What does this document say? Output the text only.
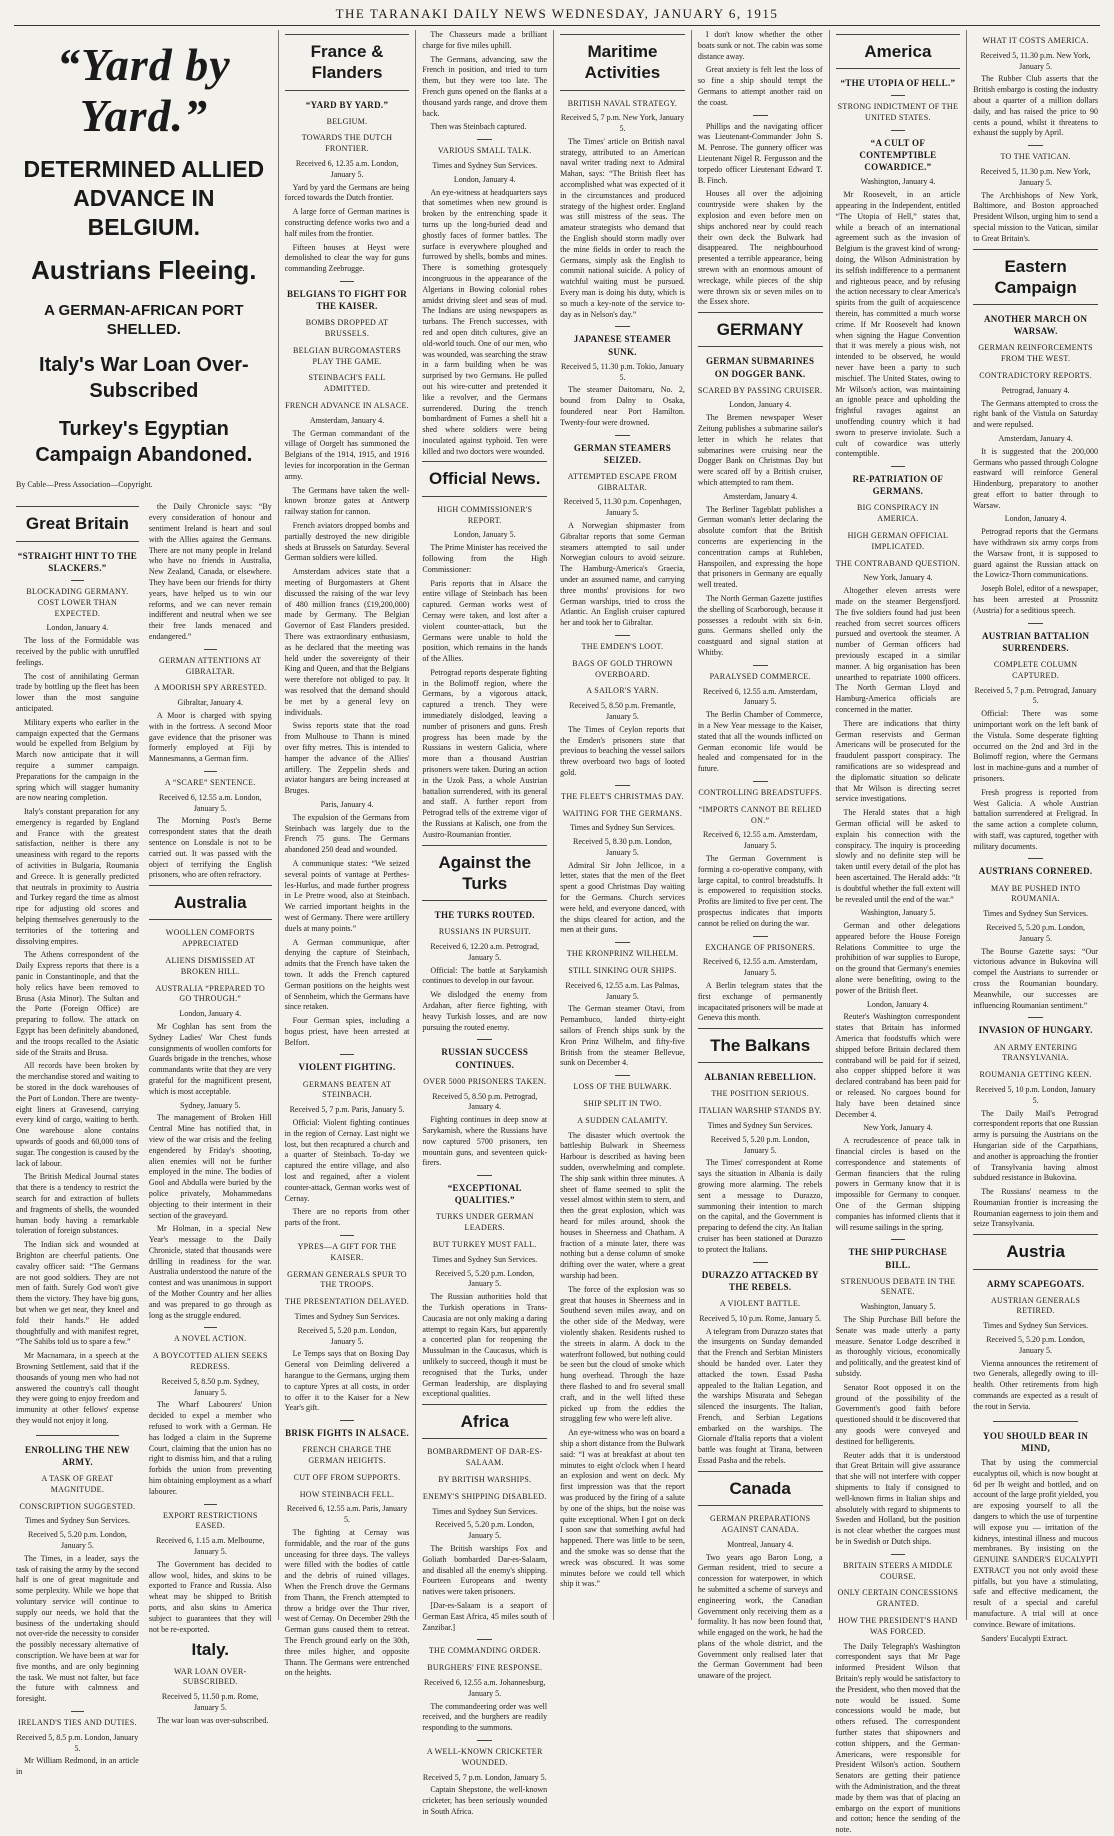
THE TARANAKI DAILY NEWS WEDNESDAY, JANUARY 6, 1915
“Yard by Yard.”
DETERMINED ALLIED ADVANCE IN BELGIUM.
Austrians Fleeing.
A GERMAN-AFRICAN PORT SHELLED.
Italy's War Loan Over-Subscribed
Turkey's Egyptian Campaign Abandoned.
By Cable—Press Association—Copyright.
Great Britain
“STRAIGHT HINT TO THE SLACKERS.”
BLOCKADING GERMANY. COST LOWER THAN EXPECTED.
London, January 4.

The loss of the Formidable was received by the public with unruffled feelings.

The cost of annihilating German trade by bottling up the fleet has been lower than the most sanguine anticipated.

Military experts who earlier in the campaign expected that the Germans would be expelled from Belgium by March now anticipate that it will require a summer campaign. Preparations for the campaign in the spring which will stagger humanity are now nearing completion.

Italy's constant preparation for any emergency is regarded by England and France with the greatest satisfaction, neither is there any uneasiness with regard to the reports of activities in Bulgaria, Roumania and Greece. It is generally predicted that neutrals in proximity to Austria and Turkey regard the time as almost ripe for adjusting old scores and helping themselves generously to the territories of the tottering and dissolving empires.

The Athens correspondent of the Daily Express reports that there is a panic in Constantinople, and that the holy relics have been removed to Brusa (Asia Minor). The Sultan and the Porte (Foreign Office) are preparing to follow. The attack on Egypt has been definitely abandoned, and the troops recalled to the Asiatic side of the Straits and Brusa.

All records have been broken by the merchandise stored and waiting to be stored in the dock warehouses of the Port of London. There are twenty-eight liners at Gravesend, carrying every kind of cargo, waiting to berth. One warehouse alone contains upwards of goods and 60,000 tons of sugar. The congestion is caused by the lack of labour.

The British Medical Journal states that there is a tendency to restrict the search for and extraction of bullets and fragments of shells, the wounded human body having a remarkable toleration of foreign substances.

The Indian sick and wounded at Brighton are cheerful patients. One cavalry officer said: “The Germans are not good soldiers. They are not men of faith. Surely God won't give them the victory. They have big guns, but when we get near, they kneel and fold their hands.” He added thoughtfully and with manifest regret, “The Sahibs told us to spare a few.”

Mr Macnamara, in a speech at the Browning Settlement, said that if the thousands of young men who had not answered the country's call thought they were going to enjoy freedom and immunity at other fellows' expense they would not enjoy it long.

ENROLLING THE NEW ARMY.
A TASK OF GREAT MAGNITUDE.
CONSCRIPTION SUGGESTED.
Times and Sydney Sun Services.
Received 5, 5.20 p.m. London, January 5.

The Times, in a leader, says the task of raising the army by the second half is one of great magnitude and some perplexity. While we hope that voluntary service will continue to supply our needs, we hold that the business of the undertaking should not over-ride the necessity to consider the possibly necessary alternative of conscription. We have been at war for five months, and are only beginning the task. We must not falter, but face the future with calmness and foresight.

IRELAND'S TIES AND DUTIES.
Received 5, 8.5 p.m. London, January 5.

Mr William Redmond, in an article in

the Daily Chronicle says: “By every consideration of honour and sentiment Ireland is heart and soul with the Allies against the Germans. There are not many people in Ireland who have no friends in Australia, New Zealand, Canada, or elsewhere. They have been our friends for thirty years, have helped us to win our reforms, and we can never remain indifferent and neutral when we see their free lands menaced and endangered.”

GERMAN ATTENTIONS AT GIBRALTAR.
A MOORISH SPY ARRESTED.
Gibraltar, January 4.

A Moor is charged with spying with in the fortress. A second Moor gave evidence that the prisoner was formerly employed at Fiji by Mannesmanns, a German firm.

A “SCARE” SENTENCE.
Received 6, 12.55 a.m. London, January 5.

The Morning Post's Berne correspondent states that the death sentence on Lonsdale is not to be carried out. It was passed with the object of terrifying the English prisoners, who are often refractory.

Australia
WOOLLEN COMFORTS APPRECIATED
ALIENS DISMISSED AT BROKEN HILL.
AUSTRALIA “PREPARED TO GO THROUGH.”
London, January 4.

Mr Coghlan has sent from the Sydney Ladies' War Chest funds consignments of woollen comforts for Guards brigade in the trenches, whose commandants write that they are very grateful for the magnificent present, which is most acceptable.

Sydney, January 5.

The management of Broken Hill Central Mine has notified that, in view of the war crisis and the feeling engendered by Friday's shooting, alien enemies will not be further employed in the mine. The bodies of Gool and Abdulla were buried by the police privately, Mohammedans objecting to their interment in their section of the graveyard.

Mr Holman, in a special New Year's message to the Daily Chronicle, stated that thousands were drilling in readiness for the war. Australia understood the nature of the contest and was unanimous in support of the Mother Country and her allies and was prepared to go through as long as the struggle endured.

A NOVEL ACTION.
A BOYCOTTED ALIEN SEEKS REDRESS.
Received 5, 8.50 p.m. Sydney, January 5.

The Wharf Labourers' Union decided to expel a member who refused to work with a German. He has lodged a claim in the Supreme Court, claiming that the union has no right to dismiss him, and that a ruling forbids the union from preventing him obtaining employment as a wharf labourer.

EXPORT RESTRICTIONS EASED.
Received 6, 1.15 a.m. Melbourne, January 5.

The Government has decided to allow wool, hides, and skins to be exported to France and Russia. Also wheat may be shipped to British ports, and also skins to America subject to guarantees that they will not be re-exported.

Italy.
WAR LOAN OVER-SUBSCRIBED.
Received 5, 11.50 p.m. Rome, January 5.

The war loan was over-subscribed.

France & Flanders
“YARD BY YARD.”
BELGIUM.
TOWARDS THE DUTCH FRONTIER.
Received 6, 12.35 a.m. London, January 5.

Yard by yard the Germans are being forced towards the Dutch frontier.

A large force of German marines is constructing defence works two and a half miles from the frontier.

Fifteen houses at Heyst were demolished to clear the way for guns commanding Zeebrugge.

BELGIANS TO FIGHT FOR THE KAISER.
BOMBS DROPPED AT BRUSSELS.
BELGIAN BURGOMASTERS PLAY THE GAME.
STEINBACH'S FALL ADMITTED.
FRENCH ADVANCE IN ALSACE.
Amsterdam, January 4.

The German commandant of the village of Oorgelt has summoned the Belgians of the 1914, 1915, and 1916 levies for incorporation in the German army.

The Germans have taken the well-known bronze gates at Antwerp railway station for cannon.

French aviators dropped bombs and partially destroyed the new dirigible sheds at Brussels on Saturday. Several German soldiers were killed.

Amsterdam advices state that a meeting of Burgomasters at Ghent discussed the raising of the war levy of 480 million francs (£19,200,000) made by Germany. The Belgian Governor of East Flanders presided. There was extraordinary enthusiasm, as he declared that the meeting was held under the sovereignty of their King and Queen, and that the Belgians were therefore not obliged to pay. It was resolved that the demand should be met by a general levy on individuals.

Swiss reports state that the road from Mulhouse to Thann is mined over fifty metres. This is intended to hamper the advance of the Allies' artillery. The Zeppelin sheds and aviator hangars are being increased at Bruges.

Paris, January 4.

The expulsion of the Germans from Steinbach was largely due to the French 75 guns. The Germans abandoned 250 dead and wounded.

A communique states: “We seized several points of vantage at Perthes-les-Hurlus, and made further progress in Le Pretre wood, also at Steinbach. We carried important heights in the west of Germany. There were artillery duels at many points.”

A German communique, after denying the capture of Steinbach, admits that the French have taken the town. It adds the French captured German positions on the heights west of Sennheim, which the Germans have since retaken.

Four German spies, including a bogus priest, have been arrested at Belfort.

VIOLENT FIGHTING.
GERMANS BEATEN AT STEINBACH.
Received 5, 7 p.m. Paris, January 5.

Official: Violent fighting continues in the region of Cernay. Last night we lost, but then recaptured a church and a quarter of Steinbach. To-day we captured the entire village, and also lost and regained, after a violent counter-attack, German works west of Cernay.

There are no reports from other parts of the front.

YPRES—A GIFT FOR THE KAISER.
GERMAN GENERALS SPUR TO THE TROOPS.
THE PRESENTATION DELAYED.
Times and Sydney Sun Services.
Received 5, 5.20 p.m. London, January 5.

Le Temps says that on Boxing Day General von Deimling delivered a harangue to the Germans, urging them to capture Ypres at all costs, in order to offer it to the Kaiser for a New Year's gift.

BRISK FIGHTS IN ALSACE.
FRENCH CHARGE THE GERMAN HEIGHTS.
CUT OFF FROM SUPPORTS.
HOW STEINBACH FELL.
Received 6, 12.55 a.m. Paris, January 5.

The fighting at Cernay was formidable, and the roar of the guns unceasing for three days. The valleys were filled with the bodies of cattle and the debris of ruined villages. When the French drove the Germans from Thann, the French attempted to throw a bridge over the Thur river, west of Cernay. On December 29th the German guns caused them to retreat. The French ground early on the 30th, three miles higher, and opposite Thann. The Germans were entrenched on the heights.

The Chasseurs made a brilliant charge for five miles uphill.

The Germans, advancing, saw the French in position, and tried to turn them, but they were too late. The French guns opened on the flanks at a thousand yards range, and drove them back.

Then was Steinbach captured.

VARIOUS SMALL TALK.
Times and Sydney Sun Services.
London, January 4.

An eye-witness at headquarters says that sometimes when new ground is broken by the entrenching spade it turns up the long-buried dead and ghostly faces of former battles. The surface is everywhere ploughed and furrowed by shells, bombs and mines. There is something grotesquely incongruous in the appearance of the Algerians in Bowing colonial robes amidst driving sleet and seas of mud. The Indians are using newspapers as turbans. The French successes, with red and open ditch cultures, give an old-world touch. One of our men, who was wounded, was searching the straw in a farm building when he was surprised by two Germans. He pulled out his wire-cutter and pretended it like a revolver, and the Germans surrendered. During the trench bombardment of Furnes a shell hit a shed where soldiers were being inoculated against typhoid. Ten were killed and two doctors were wounded.

Official News.
HIGH COMMISSIONER'S REPORT.
London, January 5.

The Prime Minister has received the following from the High Commissioner:

Paris reports that in Alsace the entire village of Steinbach has been captured. German works west of Cernay were taken, and lost after a violent counter-attack, but the Germans were unable to hold the position, which remains in the hands of the Allies.

Petrograd reports desperate fighting in the Bolimoff region, where the Germans, by a vigorous attack, captured a trench. They were immediately dislodged, leaving a number of prisoners and guns. Fresh progress has been made by the Russians in western Galicia, where more than a thousand Austrian prisoners were taken. During an action in the Uzok Pass, a whole Austrian battalion surrendered, with its general and staff. A further report from Petrograd tells of the extreme vigor of the Russians at Kalisch, one from the Austro-Roumanian frontier.

Against the Turks
THE TURKS ROUTED.
RUSSIANS IN PURSUIT.
Received 6, 12.20 a.m. Petrograd, January 5.

Official: The battle at Sarykamish continues to develop in our favour.

We dislodged the enemy from Ardahan, after fierce fighting, with heavy Turkish losses, and are now pursuing the routed enemy.

RUSSIAN SUCCESS CONTINUES.
OVER 5000 PRISONERS TAKEN.
Received 5, 8.50 p.m. Petrograd, January 4.

Fighting continues in deep snow at Sarykamish, where the Russians have now captured 5700 prisoners, ten mountain guns, and seventeen quick-firers.

“EXCEPTIONAL QUALITIES.”
TURKS UNDER GERMAN LEADERS.
BUT TURKEY MUST FALL.
Times and Sydney Sun Services.
Received 5, 5.20 p.m. London, January 5.

The Russian authorities hold that the Turkish operations in Trans-Caucasia are not only making a daring attempt to regain Kars, but apparently a concerted plan for reopening the Mussulman in the Caucasus, which is unlikely to succeed, though it must be recognised that the Turks, under German leadership, are displaying exceptional qualities.

Africa
BOMBARDMENT OF DAR-ES-SALAAM.
BY BRITISH WARSHIPS.
ENEMY'S SHIPPING DISABLED.
Times and Sydney Sun Services.
Received 5, 5.20 p.m. London, January 5.

The British warships Fox and Goliath bombarded Dar-es-Salaam, and disabled all the enemy's shipping. Fourteen Europeans and twenty natives were taken prisoners.

[Dar-es-Salaam is a seaport of German East Africa, 45 miles south of Zanzibar.]

THE COMMANDING ORDER.
BURGHERS' FINE RESPONSE.
Received 6, 12.55 a.m. Johannesburg, January 5.

The commandeering order was well received, and the burghers are readily responding to the summons.

A WELL-KNOWN CRICKETER WOUNDED.
Received 5, 7 p.m. London, January 5.

Captain Shepstone, the well-known cricketer, has been seriously wounded in South Africa.

Maritime Activities
BRITISH NAVAL STRATEGY.
Received 5, 7 p.m. New York, January 5.

The Times' article on British naval strategy, attributed to an American naval writer trading next to Admiral Mahan, says: “The British fleet has accomplished what was expected of it in the circumstances and produced strategy of the highest order. England was still mistress of the seas. The amateur strategists who demand that the English should storm madly over the mine fields in order to reach the Germans, simply ask the English to commit national suicide. A policy of watchful waiting must be pursued. Every man is doing his duty, which is so much a key-note of the service to-day as in Nelson's day.”

JAPANESE STEAMER SUNK.
Received 5, 11.30 p.m. Tokio, January 5.

The steamer Daitomaru, No. 2, bound from Dalny to Osaka, foundered near Port Hamilton. Twenty-four were drowned.

GERMAN STEAMERS SEIZED.
ATTEMPTED ESCAPE FROM GIBRALTAR.
Received 5, 11.30 p.m. Copenhagen, January 5.

A Norwegian shipmaster from Gibraltar reports that some German steamers attempted to sail under Norwegian colours to avoid seizure. The Hamburg-America's Graecia, under an assumed name, and carrying three months' provisions for two German warships, tried to cross the Atlantic. An English cruiser captured her and took her to Gibraltar.

THE EMDEN'S LOOT.
BAGS OF GOLD THROWN OVERBOARD.
A SAILOR'S YARN.
Received 5, 8.50 p.m. Fremantle, January 5.

The Times of Ceylon reports that the Emden's prisoners state that previous to beaching the vessel sailors threw overboard two bags of looted gold.

THE FLEET'S CHRISTMAS DAY.
WAITING FOR THE GERMANS.
Times and Sydney Sun Services.
Received 5, 8.30 p.m. London, January 5.

Admiral Sir John Jellicoe, in a letter, states that the men of the fleet spent a good Christmas Day waiting for the Germans. Church services were held, and everyone danced, with the ships cleared for action, and the men at their guns.

THE KRONPRINZ WILHELM.
STILL SINKING OUR SHIPS.
Received 6, 12.55 a.m. Las Palmas, January 5.

The German steamer Otavi, from Pernambuco, landed thirty-eight sailors of French ships sunk by the Kron Prinz Wilhelm, and fifty-five British from the steamer Bellevue, sunk on December 4.

LOSS OF THE BULWARK.
SHIP SPLIT IN TWO.
A SUDDEN CALAMITY.

The disaster which overtook the battleship Bulwark in Sheerness Harbour is described as having been sudden, overwhelming and complete. The ship sank within three minutes. A sheet of flame seemed to split the vessel almost within stem to stern, and then the great explosion, which was heard for miles around, shook the houses in Sheerness and Chatham. A fraction of a minute later, there was nothing but a dense column of smoke drifting over the water, where a great warship had been.

The force of the explosion was so great that houses in Sheerness and in Southend seven miles away, and on the other side of the Medway, were violently shaken. Residents rushed to the streets in alarm. A dock to the waterfront followed, but nothing could be seen but the cloud of smoke which hung overhead. Through the haze there flashed to and fro several small craft, and in the well lifted these picked up from the eddies the struggling few who were left alive.

An eye-witness who was on board a ship a short distance from the Bulwark said: “I was at breakfast at about ten minutes to eight o'clock when I heard an explosion and went on deck. My first impression was that the report was produced by the firing of a salute by one of the ships, but the noise was quite exceptional. When I got on deck I soon saw that something awful had happened. There was little to be seen, and the smoke was so dense that the wreck was obscured. It was some minutes before we could tell which ship it was.”

I don't know whether the other boats sunk or not. The cabin was some distance away.

Great anxiety is felt lest the loss of so fine a ship should tempt the Germans to attempt another raid on the coast.

Phillips and the navigating officer was Lieutenant-Commander John S. M. Penrose. The gunnery officer was Lieutenant Nigel R. Fergusson and the torpedo officer Lieutenant Edward T. B. Finch.

Houses all over the adjoining countryside were shaken by the explosion and even before men on ships anchored near by could reach their own deck the Bulwark had disappeared. The neighbourhood presented a terrible appearance, being strewn with an enormous amount of wreckage, while pieces of the ship were thrown six or seven miles on to the Essex shore.

GERMANY
GERMAN SUBMARINES ON DOGGER BANK.
SCARED BY PASSING CRUISER.
London, January 4.

The Bremen newspaper Weser Zeitung publishes a submarine sailor's letter in which he relates that submarines were cruising near the Dogger Bank on Christmas Day but were scared off by a British cruiser, which attempted to ram them.

Amsterdam, January 4.

The Berliner Tageblatt publishes a German woman's letter declaring the absolute comfort that the British concerns are experiencing in the concentration camps at Ruhleben, Hanspoilen, and expressing the hope that prisoners in Germany are equally well treated.

The North German Gazette justifies the shelling of Scarborough, because it possesses a redoubt with six 6-in. guns. Germans shelled only the coastguard and signal station at Whitby.

PARALYSED COMMERCE.
Received 6, 12.55 a.m. Amsterdam, January 5.

The Berlin Chamber of Commerce, in a New Year message to the Kaiser, stated that all the wounds inflicted on German economic life would be healed and compensated for in the future.

CONTROLLING BREADSTUFFS.
“IMPORTS CANNOT BE RELIED ON.”
Received 6, 12.55 a.m. Amsterdam, January 5.

The German Government is forming a co-operative company, with large capital, to control breadstuffs. It is empowered to requisition stocks. Profits are limited to five per cent. The prospectus indicates that imports cannot be relied on during the war.

EXCHANGE OF PRISONERS.
Received 6, 12.55 a.m. Amsterdam, January 5.

A Berlin telegram states that the first exchange of permanently incapacitated prisoners will be made at Geneva this month.

The Balkans
ALBANIAN REBELLION.
THE POSITION SERIOUS.
ITALIAN WARSHIP STANDS BY.
Times and Sydney Sun Services.
Received 5, 5.20 p.m. London, January 5.

The Times' correspondent at Rome says the situation in Albania is daily growing more alarming. The rebels sent a message to Durazzo, summoning their intention to march on the capital, and the Government is preparing to defend the city. An Italian cruiser has been stationed at Durazzo to protect the Italians.

DURAZZO ATTACKED BY THE REBELS.
A VIOLENT BATTLE.
Received 5, 10 p.m. Rome, January 5.

A telegram from Durazzo states that the insurgents on Sunday demanded that the French and Serbian Ministers should be handed over. Later they attacked the town. Essad Pasha appealed to the Italian Legation, and the warships Misurata and Sebegan silenced the insurgents. The Italian, French, and Serbian Legations embarked on the warships. The Giornale d'Italia reports that a violent battle was fought at Tirana, between Essad Pasha and the rebels.

Canada
GERMAN PREPARATIONS AGAINST CANADA.
Montreal, January 4.

Two years ago Baron Long, a German resident, tried to secure a concession for waterpower, in which he submitted a scheme of surveys and engineering work, the Canadian Government only receiving them as a formality. It has now been found that, while engaged on the work, he had the plans of the whole district, and the Government only realised later that the German Government had been unaware of the project.

America
“THE UTOPIA OF HELL.”
STRONG INDICTMENT OF THE UNITED STATES.
“A CULT OF CONTEMPTIBLE COWARDICE.”
Washington, January 4.

Mr Roosevelt, in an article appearing in the Independent, entitled “The Utopia of Hell,” states that, while a breach of an international agreement such as the invasion of Belgium is the gravest kind of wrong-doing, the Wilson Administration by its selfish indifference to a permanent and righteous peace, and by refusing the action necessary to clear America's spirits from the guilt of acquiescence therein, has committed a much worse crime. If Mr Roosevelt had known when signing the Hague Convention that it was merely a pious wish, not intended to be observed, he would never have been a party to such mischief. The United States, owing to Mr Wilson's action, was maintaining an ignoble peace and upholding the frightful ravages against an unoffending country which it had sworn to preserve inviolate. Such a cult of cowardice was utterly contemptible.

RE-PATRIATION OF GERMANS.
BIG CONSPIRACY IN AMERICA.
HIGH GERMAN OFFICIAL IMPLICATED.
THE CONTRABAND QUESTION.
New York, January 4.

Altogether eleven arrests were made on the steamer Bergensfjord. The five soldiers found had just been reached from secret sources officers pursued and overtook the steamer. A number of German officers had previously escaped in a similar manner. A big organisation has been unearthed to repatriate 1000 officers. The North German Lloyd and Hamburg-America officials are concerned in the matter.

There are indications that thirty German reservists and German Americans will be prosecuted for the fraudulent passport conspiracy. The ramifications are so widespread and the diplomatic situation so delicate that Mr Wilson is directing secret service investigations.

The Herald states that a high German official will be asked to explain his connection with the conspiracy. The inquiry is proceeding slowly and no definite step will be taken until every detail of the plot has been ascertained. The Herald adds: “It is doubtful whether the full extent will be revealed until the end of the war.”

Washington, January 5.

German and other delegations appeared before the House Foreign Relations Committee to urge the prohibition of war supplies to Europe, on the ground that Germany's enemies alone were benefiting, owing to the power of the British fleet.

London, January 4.

Reuter's Washington correspondent states that Britain has informed America that foodstuffs which were shipped before Britain declared them contraband will be paid for if seized, also copper shipped before it was declared contraband has been paid for or released. No cargoes bound for Italy have been detained since December 4.

New York, January 4.

A recrudescence of peace talk in financial circles is based on the correspondence and statements of German financiers that the ruling powers in Germany know that it is impossible for Germany to conquer. One of the German shipping companies has informed clients that it will resume sailings in the spring.

THE SHIP PURCHASE BILL.
STRENUOUS DEBATE IN THE SENATE.
Washington, January 5.

The Ship Purchase Bill before the Senate was made utterly a party measure. Senator Lodge described it as thoroughly vicious, economically and politically, and the greatest kind of subsidy.

Senator Root opposed it on the ground of the possibility of the Government's good faith before questioned should it be discovered that any goods were conveyed and destined for belligerents.

Reuter adds that it is understood that Great Britain will give assurance that she will not interfere with copper shipments to Italy if consigned to well-known firms in Italian ships and absolutely with regard to shipments to Sweden and Holland, but the position is not clear whether the cargoes must be in Swedish or Dutch ships.

BRITAIN STEERS A MIDDLE COURSE.
ONLY CERTAIN CONCESSIONS GRANTED.
HOW THE PRESIDENT'S HAND WAS FORCED.

The Daily Telegraph's Washington correspondent says that Mr Page informed President Wilson that Britain's reply would be satisfactory to the President, who then moved that the note would be issued. Some concessions would be made, but others refused. The correspondent further states that shipowners and cotton shippers, and the German-Americans, were responsible for President Wilson's action. Southern Senators are getting their patience with the Administration, and the threat made by them was that of placing an embargo on the export of munitions and cotton; hence the sending of the note.

WHAT IT COSTS AMERICA.
Received 5, 11.30 p.m. New York, January 5.

The Rubber Club asserts that the British embargo is costing the industry about a quarter of a million dollars daily, and has raised the price to 90 cents a pound, whilst it threatens to exhaust the supply by April.

TO THE VATICAN.
Received 5, 11.30 p.m. New York, January 5.

The Archbishops of New York, Baltimore, and Boston approached President Wilson, urging him to send a special mission to the Vatican, similar to Great Britain's.

Eastern Campaign
ANOTHER MARCH ON WARSAW.
GERMAN REINFORCEMENTS FROM THE WEST.
CONTRADICTORY REPORTS.
Petrograd, January 4.

The Germans attempted to cross the right bank of the Vistula on Saturday and were repulsed.

Amsterdam, January 4.

It is suggested that the 200,000 Germans who passed through Cologne eastward will reinforce General Hindenburg, preparatory to another great effort to batter through to Warsaw.

London, January 4.

Petrograd reports that the Germans have withdrawn six army corps from the Warsaw front, it is supposed to guard against the Russian attack on the Lowicz-Thorn communications.

Joseph Bolel, editor of a newspaper, has been arrested at Prossnitz (Austria) for a seditious speech.

AUSTRIAN BATTALION SURRENDERS.
COMPLETE COLUMN CAPTURED.
Received 5, 7 p.m. Petrograd, January 5.

Official: There was some unimportant work on the left bank of the Vistula. Some desperate fighting occurred on the 2nd and 3rd in the Bolimoff region, where the Germans lost in machine-guns and a number of prisoners.

Fresh progress is reported from West Galicia. A whole Austrian battalion surrendered at Freligrad. In the same action a complete column, with staff, was captured, together with military documents.

AUSTRIANS CORNERED.
MAY BE PUSHED INTO ROUMANIA.
Times and Sydney Sun Services.
Received 5, 5.20 p.m. London, January 5.

The Bourse Gazette says: “Our victorious advance in Bukovina will compel the Austrians to surrender or cross the Roumanian boundary. Meanwhile, our successes are influencing Roumanian sentiment.”

INVASION OF HUNGARY.
AN ARMY ENTERING TRANSYLVANIA.
ROUMANIA GETTING KEEN.
Received 5, 10 p.m. London, January 5.

The Daily Mail's Petrograd correspondent reports that one Russian army is pursuing the Austrians on the Hungarian side of the Carpathians, and another is approaching the frontier of Transylvania having almost subdued resistance in Bukovina.

The Russians' nearness to the Roumanian frontier is increasing the Roumanian eagerness to join them and seize Transylvania.

Austria
ARMY SCAPEGOATS.
AUSTRIAN GENERALS RETIRED.
Times and Sydney Sun Services.
Received 5, 5.20 p.m. London, January 5.

Vienna announces the retirement of two Generals, allegedly owing to ill-health. Other retirements from high commands are expected as a result of the rout in Servia.

YOU SHOULD BEAR IN MIND,

That by using the commercial eucalyptus oil, which is now bought at 6d per lb weight and bottled, and on account of the large profit yielded, you are exposing yourself to all the dangers to which the use of turpentine will expose you — irritation of the kidneys, intestinal illness and mucous membranes. By insisting on the GENUINE SANDER'S EUCALYPTI EXTRACT you not only avoid these pitfalls, but you have a stimulating, safe and effective medicament, the result of a special and careful manufacture. A trial will at once convince. Beware of imitations.

Sanders' Eucalypti Extract.
